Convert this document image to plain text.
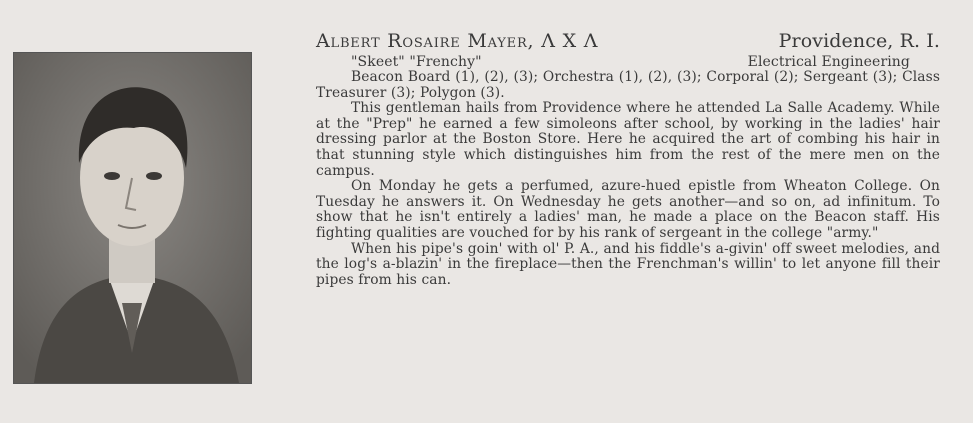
Albert Rosaire Mayer, Λ Χ Λ	Providence, R. I.
"Skeet" "Frenchy"	Electrical Engineering

Beacon Board (1), (2), (3); Orchestra (1), (2), (3); Corporal (2); Sergeant (3); Class Treasurer (3); Polygon (3).

This gentleman hails from Providence where he attended La Salle Academy. While at the "Prep" he earned a few simoleons after school, by working in the ladies' hair dressing parlor at the Boston Store. Here he acquired the art of combing his hair in that stunning style which distinguishes him from the rest of the mere men on the campus.

On Monday he gets a perfumed, azure-hued epistle from Wheaton College. On Tuesday he answers it. On Wednesday he gets another—and so on, ad infinitum. To show that he isn't entirely a ladies' man, he made a place on the Beacon staff. His fighting qualities are vouched for by his rank of sergeant in the college "army."

When his pipe's goin' with ol' P. A., and his fiddle's a-givin' off sweet melodies, and the log's a-blazin' in the fireplace—then the Frenchman's willin' to let anyone fill their pipes from his can.
